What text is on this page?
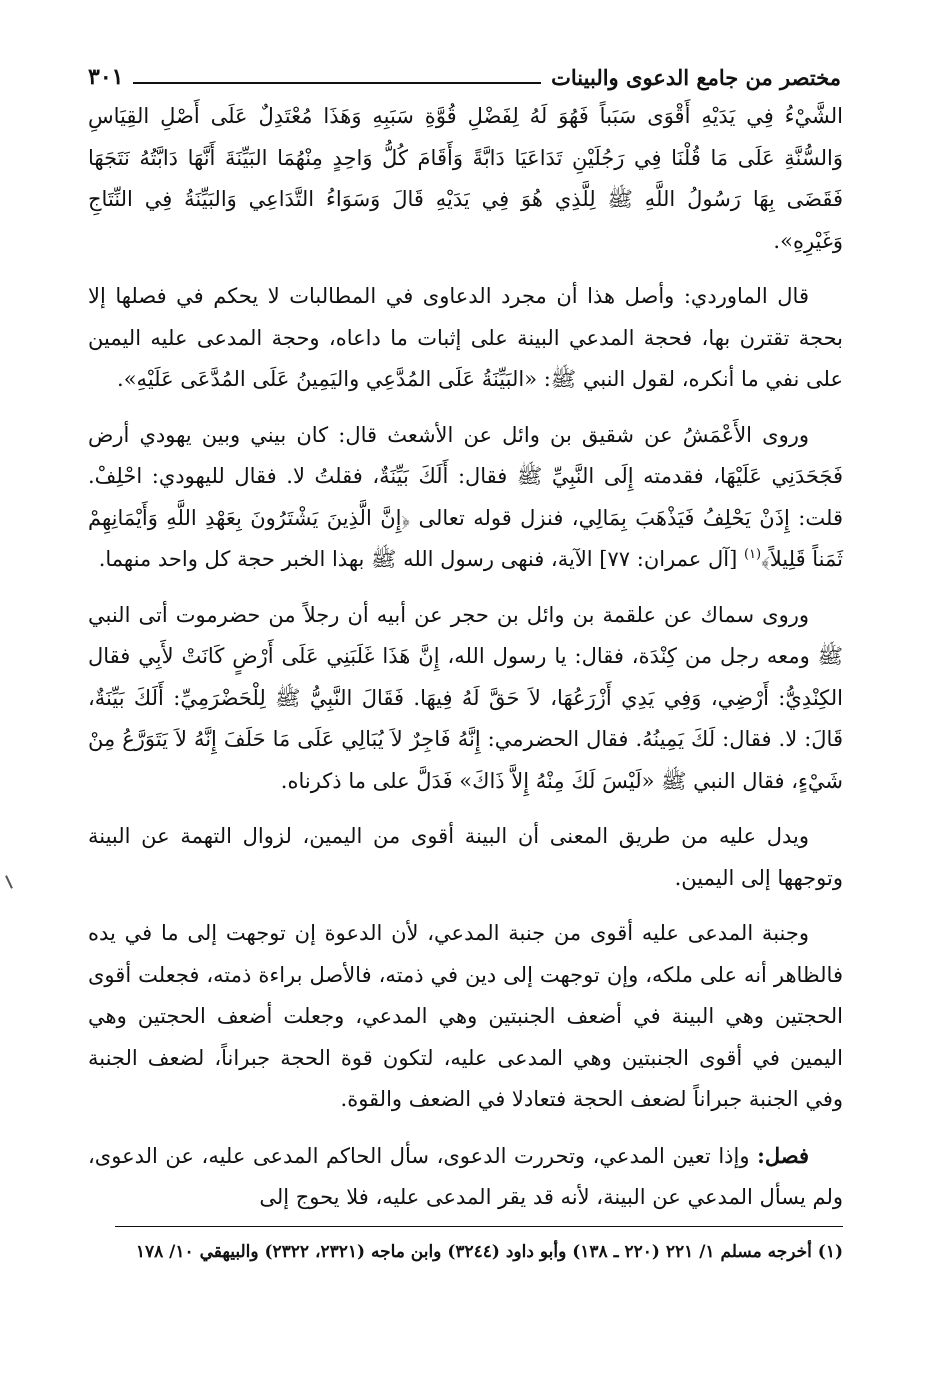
مختصر من جامع الدعوى والبينات
٣٠١

الشَّيْءُ فِي يَدَيْهِ أَقْوَى سَبَباً فَهُوَ لَهُ لِفَضْلِ قُوَّةِ سَبَبِهِ وَهَذَا مُعْتَدِلٌ عَلَى أَصْلِ القِيَاسِ وَالسُّنَّةِ عَلَى مَا قُلْنَا فِي رَجُلَيْنِ تَدَاعَيَا دَابَّةً وَأَقَامَ كُلُّ وَاحِدٍ مِنْهُمَا البَيِّنَةَ أَنَّهَا دَابَّتُهُ نَتَجَهَا فَقَضَى بِهَا رَسُولُ اللَّهِ ﷺ لِلَّذِي هُوَ فِي يَدَيْهِ قَالَ وَسَوَاءُ التَّدَاعِي وَالبَيِّنَةُ فِي النِّتَاجِ وَغَيْرِهِ».

قال الماوردي: وأصل هذا أن مجرد الدعاوى في المطالبات لا يحكم في فصلها إلا بحجة تقترن بها، فحجة المدعي البينة على إثبات ما داعاه، وحجة المدعى عليه اليمين على نفي ما أنكره، لقول النبي ﷺ: «البَيِّنَةُ عَلَى المُدَّعِي واليَمِينُ عَلَى المُدَّعَى عَلَيْهِ».

وروى الأَعْمَشُ عن شقيق بن وائل عن الأشعث قال: كان بيني وبين يهودي أرض فَجَحَدَنِي عَلَيْهَا، فقدمته إِلَى النَّبِيِّ ﷺ فقال: أَلَكَ بَيِّنَةٌ، فقلتُ لا. فقال لليهودي: احْلِفْ. قلت: إِذَنْ يَحْلِفُ فَيَذْهَبَ بِمَالِي، فنزل قوله تعالى ﴿إِنَّ الَّذِينَ يَشْتَرُونَ بِعَهْدِ اللَّهِ وَأَيْمَانِهِمْ ثَمَناً قَلِيلاً﴾$^{(١)}$ [آل عمران: ٧٧] الآية، فنهى رسول الله ﷺ بهذا الخبر حجة كل واحد منهما.

وروى سماك عن علقمة بن وائل بن حجر عن أبيه أن رجلاً من حضرموت أتى النبي ﷺ ومعه رجل من كِنْدَة، فقال: يا رسول الله، إِنَّ هَذَا غَلَبَنِي عَلَى أَرْضٍ كَانَتْ لأَبِي فقال الكِنْدِيُّ: أَرْضِي، وَفِي يَدِي أَزْرَعُهَا، لاَ حَقَّ لَهُ فِيهَا. فَقَالَ النَّبِيُّ ﷺ لِلْحَضْرَمِيِّ: أَلَكَ بَيِّنَةٌ، قَالَ: لا. فقال: لَكَ يَمِينُهُ. فقال الحضرمي: إِنَّهُ فَاجِرٌ لاَ يُبَالِي عَلَى مَا حَلَفَ إِنَّهُ لاَ يَتَوَرَّعُ مِنْ شَيْءٍ، فقال النبي ﷺ «لَيْسَ لَكَ مِنْهُ إِلاَّ ذَاكَ» فَدَلَّ على ما ذكرناه.

ويدل عليه من طريق المعنى أن البينة أقوى من اليمين، لزوال التهمة عن البينة وتوجهها إلى اليمين.

وجنبة المدعى عليه أقوى من جنبة المدعي، لأن الدعوة إن توجهت إلى ما في يده فالظاهر أنه على ملكه، وإن توجهت إلى دين في ذمته، فالأصل براءة ذمته، فجعلت أقوى الحجتين وهي البينة في أضعف الجنبتين وهي المدعي، وجعلت أضعف الحجتين وهي اليمين في أقوى الجنبتين وهي المدعى عليه، لتكون قوة الحجة جبراناً، لضعف الجنبة وفي الجنبة جبراناً لضعف الحجة فتعادلا في الضعف والقوة.

فصل: وإذا تعين المدعي، وتحررت الدعوى، سأل الحاكم المدعى عليه، عن الدعوى، ولم يسأل المدعي عن البينة، لأنه قد يقر المدعى عليه، فلا يحوج إلى

(١) أخرجه مسلم ١/ ٢٢١ (٢٢٠ ـ ١٣٨) وأبو داود (٣٢٤٤) وابن ماجه (٢٣٢١، ٢٣٢٢) والبيهقي ١٠/ ١٧٨
